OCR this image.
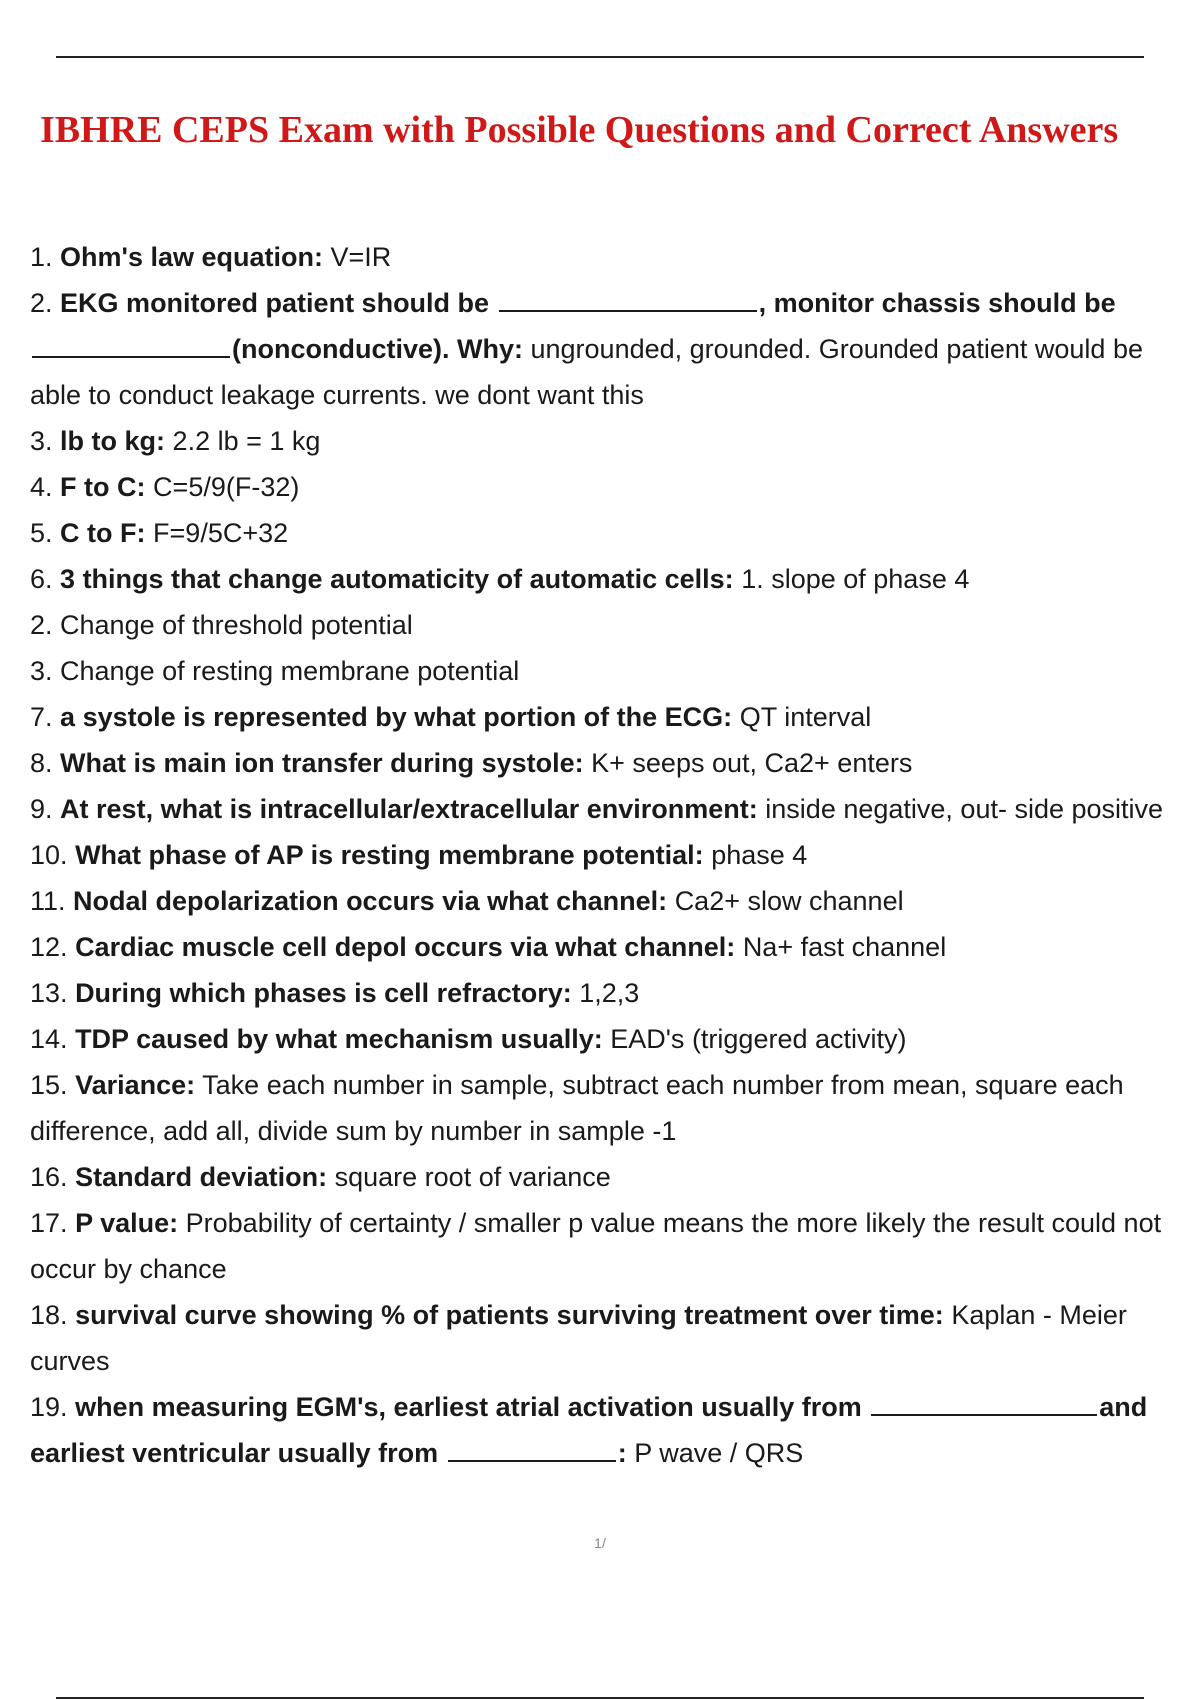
IBHRE CEPS Exam with Possible Questions and Correct Answers

1. Ohm's law equation: V=IR

2. EKG monitored patient should be	, monitor chassis should be (nonconductive). Why: ungrounded, grounded. Grounded patient would be able to conduct leakage currents. we dont want this

3. lb to kg: 2.2 lb = 1 kg

4. F to C: C=5/9(F-32)

5. C to F: F=9/5C+32

6. 3 things that change automaticity of automatic cells: 1. slope of phase 4

2. Change of threshold potential

3. Change of resting membrane potential

7. a systole is represented by what portion of the ECG: QT interval

8. What is main ion transfer during systole: K+ seeps out, Ca2+ enters

9. At rest, what is intracellular/extracellular environment: inside negative, out- side positive

10. What phase of AP is resting membrane potential: phase 4

11. Nodal depolarization occurs via what channel: Ca2+ slow channel

12. Cardiac muscle cell depol occurs via what channel: Na+ fast channel

13. During which phases is cell refractory: 1,2,3

14. TDP caused by what mechanism usually: EAD's (triggered activity)

15. Variance: Take each number in sample, subtract each number from mean, square each difference, add all, divide sum by number in sample -1

16. Standard deviation: square root of variance

17. P value: Probability of certainty / smaller p value means the more likely the result could not occur by chance

18. survival curve showing % of patients surviving treatment over time: Kaplan - Meier curves

19. when measuring EGM's, earliest atrial activation usually from	and earliest ventricular usually from	: P wave / QRS

1/
